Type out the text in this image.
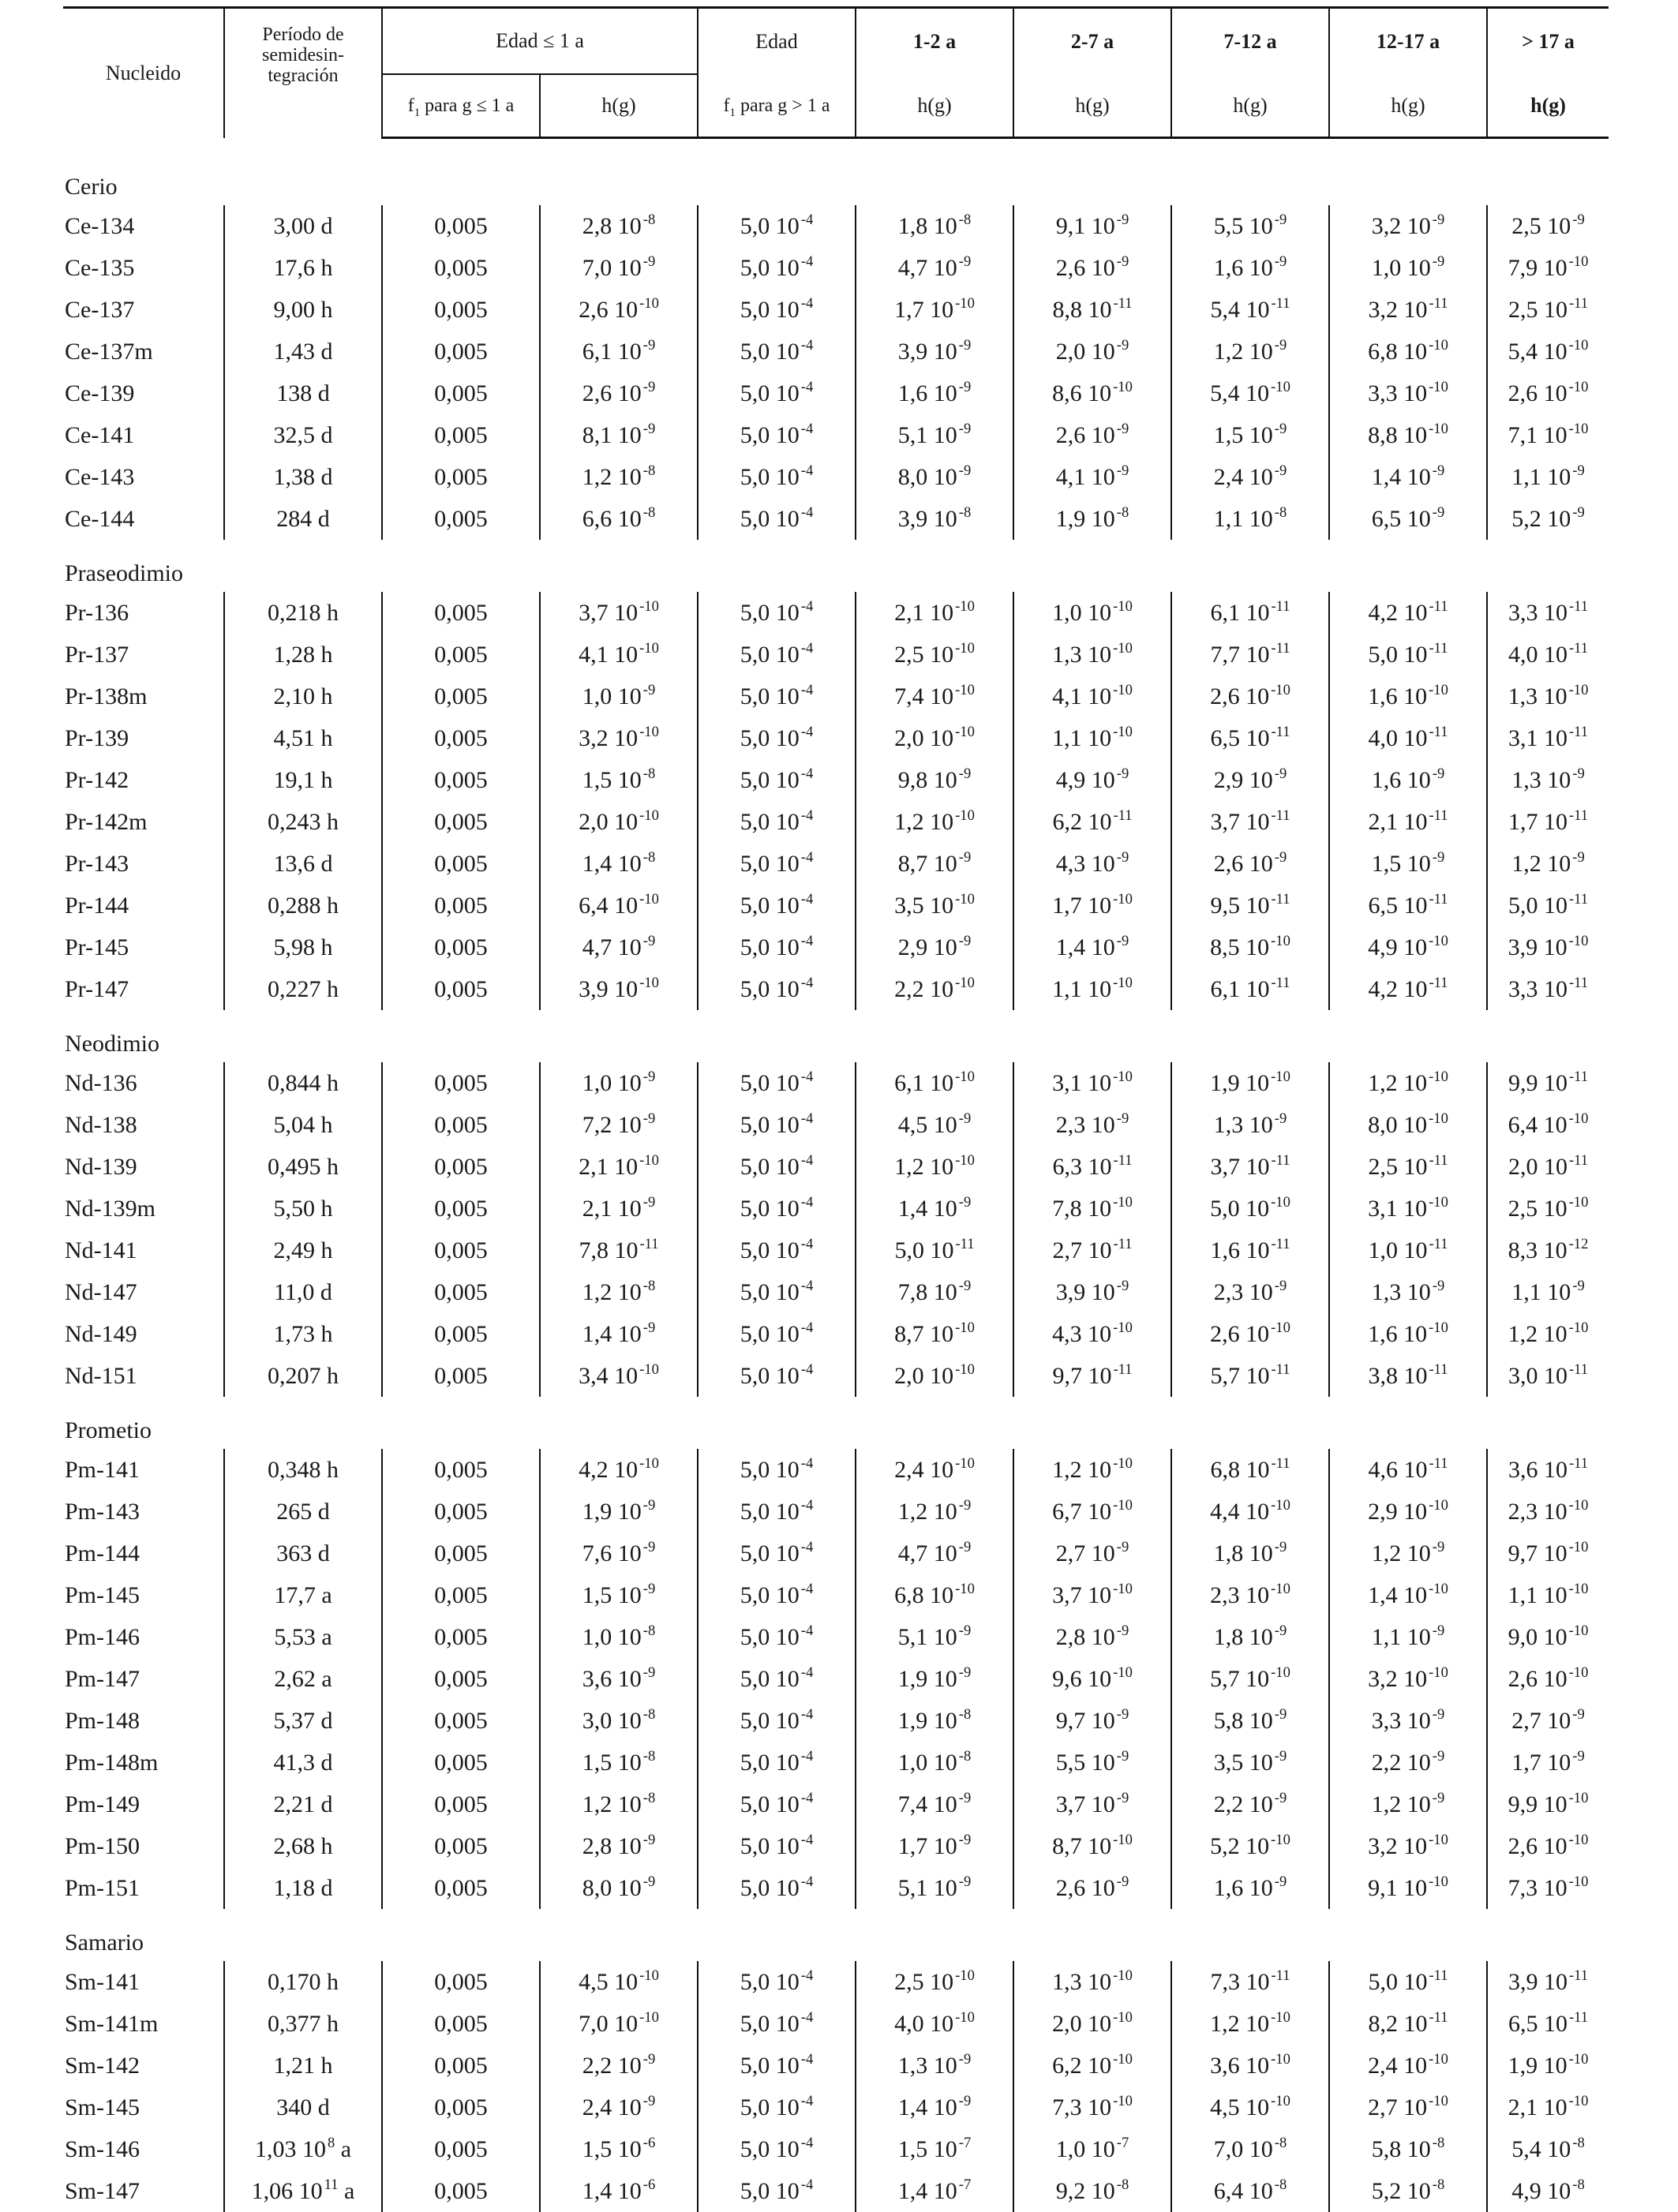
Nucleido	Período de semidesin- tegración	Edad ≤ 1 a		Edad	1-2 a	2-7 a	7-12 a	12-17 a	> 17 a
		$f_1$ para g ≤ 1 a	h(g)	$f_1$ para g > 1 a	h(g)	h(g)	h(g)	h(g)	h(g)
Cerio									
Ce-134	3,00 d	0,005	2,8 10 $^{-8}$	5,0 10 $^{-4}$	1,8 10 $^{-8}$	9,1 10 $^{-9}$	5,5 10 $^{-9}$	3,2 10 $^{-9}$	2,5 10 $^{-9}$
Ce-135	17,6 h	0,005	7,0 10 $^{-9}$	5,0 10 $^{-4}$	4,7 10 $^{-9}$	2,6 10 $^{-9}$	1,6 10 $^{-9}$	1,0 10 $^{-9}$	7,9 10 $^{-10}$
Ce-137	9,00 h	0,005	2,6 10 $^{-10}$	5,0 10 $^{-4}$	1,7 10 $^{-10}$	8,8 10 $^{-11}$	5,4 10 $^{-11}$	3,2 10 $^{-11}$	2,5 10 $^{-11}$
Ce-137m	1,43 d	0,005	6,1 10 $^{-9}$	5,0 10 $^{-4}$	3,9 10 $^{-9}$	2,0 10 $^{-9}$	1,2 10 $^{-9}$	6,8 10 $^{-10}$	5,4 10 $^{-10}$
Ce-139	138 d	0,005	2,6 10 $^{-9}$	5,0 10 $^{-4}$	1,6 10 $^{-9}$	8,6 10 $^{-10}$	5,4 10 $^{-10}$	3,3 10 $^{-10}$	2,6 10 $^{-10}$
Ce-141	32,5 d	0,005	8,1 10 $^{-9}$	5,0 10 $^{-4}$	5,1 10 $^{-9}$	2,6 10 $^{-9}$	1,5 10 $^{-9}$	8,8 10 $^{-10}$	7,1 10 $^{-10}$
Ce-143	1,38 d	0,005	1,2 10 $^{-8}$	5,0 10 $^{-4}$	8,0 10 $^{-9}$	4,1 10 $^{-9}$	2,4 10 $^{-9}$	1,4 10 $^{-9}$	1,1 10 $^{-9}$
Ce-144	284 d	0,005	6,6 10 $^{-8}$	5,0 10 $^{-4}$	3,9 10 $^{-8}$	1,9 10 $^{-8}$	1,1 10 $^{-8}$	6,5 10 $^{-9}$	5,2 10 $^{-9}$
Praseodimio									
Pr-136	0,218 h	0,005	3,7 10 $^{-10}$	5,0 10 $^{-4}$	2,1 10 $^{-10}$	1,0 10 $^{-10}$	6,1 10 $^{-11}$	4,2 10 $^{-11}$	3,3 10 $^{-11}$
Pr-137	1,28 h	0,005	4,1 10 $^{-10}$	5,0 10 $^{-4}$	2,5 10 $^{-10}$	1,3 10 $^{-10}$	7,7 10 $^{-11}$	5,0 10 $^{-11}$	4,0 10 $^{-11}$
Pr-138m	2,10 h	0,005	1,0 10 $^{-9}$	5,0 10 $^{-4}$	7,4 10 $^{-10}$	4,1 10 $^{-10}$	2,6 10 $^{-10}$	1,6 10 $^{-10}$	1,3 10 $^{-10}$
Pr-139	4,51 h	0,005	3,2 10 $^{-10}$	5,0 10 $^{-4}$	2,0 10 $^{-10}$	1,1 10 $^{-10}$	6,5 10 $^{-11}$	4,0 10 $^{-11}$	3,1 10 $^{-11}$
Pr-142	19,1 h	0,005	1,5 10 $^{-8}$	5,0 10 $^{-4}$	9,8 10 $^{-9}$	4,9 10 $^{-9}$	2,9 10 $^{-9}$	1,6 10 $^{-9}$	1,3 10 $^{-9}$
Pr-142m	0,243 h	0,005	2,0 10 $^{-10}$	5,0 10 $^{-4}$	1,2 10 $^{-10}$	6,2 10 $^{-11}$	3,7 10 $^{-11}$	2,1 10 $^{-11}$	1,7 10 $^{-11}$
Pr-143	13,6 d	0,005	1,4 10 $^{-8}$	5,0 10 $^{-4}$	8,7 10 $^{-9}$	4,3 10 $^{-9}$	2,6 10 $^{-9}$	1,5 10 $^{-9}$	1,2 10 $^{-9}$
Pr-144	0,288 h	0,005	6,4 10 $^{-10}$	5,0 10 $^{-4}$	3,5 10 $^{-10}$	1,7 10 $^{-10}$	9,5 10 $^{-11}$	6,5 10 $^{-11}$	5,0 10 $^{-11}$
Pr-145	5,98 h	0,005	4,7 10 $^{-9}$	5,0 10 $^{-4}$	2,9 10 $^{-9}$	1,4 10 $^{-9}$	8,5 10 $^{-10}$	4,9 10 $^{-10}$	3,9 10 $^{-10}$
Pr-147	0,227 h	0,005	3,9 10 $^{-10}$	5,0 10 $^{-4}$	2,2 10 $^{-10}$	1,1 10 $^{-10}$	6,1 10 $^{-11}$	4,2 10 $^{-11}$	3,3 10 $^{-11}$
Neodimio									
Nd-136	0,844 h	0,005	1,0 10 $^{-9}$	5,0 10 $^{-4}$	6,1 10 $^{-10}$	3,1 10 $^{-10}$	1,9 10 $^{-10}$	1,2 10 $^{-10}$	9,9 10 $^{-11}$
Nd-138	5,04 h	0,005	7,2 10 $^{-9}$	5,0 10 $^{-4}$	4,5 10 $^{-9}$	2,3 10 $^{-9}$	1,3 10 $^{-9}$	8,0 10 $^{-10}$	6,4 10 $^{-10}$
Nd-139	0,495 h	0,005	2,1 10 $^{-10}$	5,0 10 $^{-4}$	1,2 10 $^{-10}$	6,3 10 $^{-11}$	3,7 10 $^{-11}$	2,5 10 $^{-11}$	2,0 10 $^{-11}$
Nd-139m	5,50 h	0,005	2,1 10 $^{-9}$	5,0 10 $^{-4}$	1,4 10 $^{-9}$	7,8 10 $^{-10}$	5,0 10 $^{-10}$	3,1 10 $^{-10}$	2,5 10 $^{-10}$
Nd-141	2,49 h	0,005	7,8 10 $^{-11}$	5,0 10 $^{-4}$	5,0 10 $^{-11}$	2,7 10 $^{-11}$	1,6 10 $^{-11}$	1,0 10 $^{-11}$	8,3 10 $^{-12}$
Nd-147	11,0 d	0,005	1,2 10 $^{-8}$	5,0 10 $^{-4}$	7,8 10 $^{-9}$	3,9 10 $^{-9}$	2,3 10 $^{-9}$	1,3 10 $^{-9}$	1,1 10 $^{-9}$
Nd-149	1,73 h	0,005	1,4 10 $^{-9}$	5,0 10 $^{-4}$	8,7 10 $^{-10}$	4,3 10 $^{-10}$	2,6 10 $^{-10}$	1,6 10 $^{-10}$	1,2 10 $^{-10}$
Nd-151	0,207 h	0,005	3,4 10 $^{-10}$	5,0 10 $^{-4}$	2,0 10 $^{-10}$	9,7 10 $^{-11}$	5,7 10 $^{-11}$	3,8 10 $^{-11}$	3,0 10 $^{-11}$
Prometio									
Pm-141	0,348 h	0,005	4,2 10 $^{-10}$	5,0 10 $^{-4}$	2,4 10 $^{-10}$	1,2 10 $^{-10}$	6,8 10 $^{-11}$	4,6 10 $^{-11}$	3,6 10 $^{-11}$
Pm-143	265 d	0,005	1,9 10 $^{-9}$	5,0 10 $^{-4}$	1,2 10 $^{-9}$	6,7 10 $^{-10}$	4,4 10 $^{-10}$	2,9 10 $^{-10}$	2,3 10 $^{-10}$
Pm-144	363 d	0,005	7,6 10 $^{-9}$	5,0 10 $^{-4}$	4,7 10 $^{-9}$	2,7 10 $^{-9}$	1,8 10 $^{-9}$	1,2 10 $^{-9}$	9,7 10 $^{-10}$
Pm-145	17,7 a	0,005	1,5 10 $^{-9}$	5,0 10 $^{-4}$	6,8 10 $^{-10}$	3,7 10 $^{-10}$	2,3 10 $^{-10}$	1,4 10 $^{-10}$	1,1 10 $^{-10}$
Pm-146	5,53 a	0,005	1,0 10 $^{-8}$	5,0 10 $^{-4}$	5,1 10 $^{-9}$	2,8 10 $^{-9}$	1,8 10 $^{-9}$	1,1 10 $^{-9}$	9,0 10 $^{-10}$
Pm-147	2,62 a	0,005	3,6 10 $^{-9}$	5,0 10 $^{-4}$	1,9 10 $^{-9}$	9,6 10 $^{-10}$	5,7 10 $^{-10}$	3,2 10 $^{-10}$	2,6 10 $^{-10}$
Pm-148	5,37 d	0,005	3,0 10 $^{-8}$	5,0 10 $^{-4}$	1,9 10 $^{-8}$	9,7 10 $^{-9}$	5,8 10 $^{-9}$	3,3 10 $^{-9}$	2,7 10 $^{-9}$
Pm-148m	41,3 d	0,005	1,5 10 $^{-8}$	5,0 10 $^{-4}$	1,0 10 $^{-8}$	5,5 10 $^{-9}$	3,5 10 $^{-9}$	2,2 10 $^{-9}$	1,7 10 $^{-9}$
Pm-149	2,21 d	0,005	1,2 10 $^{-8}$	5,0 10 $^{-4}$	7,4 10 $^{-9}$	3,7 10 $^{-9}$	2,2 10 $^{-9}$	1,2 10 $^{-9}$	9,9 10 $^{-10}$
Pm-150	2,68 h	0,005	2,8 10 $^{-9}$	5,0 10 $^{-4}$	1,7 10 $^{-9}$	8,7 10 $^{-10}$	5,2 10 $^{-10}$	3,2 10 $^{-10}$	2,6 10 $^{-10}$
Pm-151	1,18 d	0,005	8,0 10 $^{-9}$	5,0 10 $^{-4}$	5,1 10 $^{-9}$	2,6 10 $^{-9}$	1,6 10 $^{-9}$	9,1 10 $^{-10}$	7,3 10 $^{-10}$
Samario									
Sm-141	0,170 h	0,005	4,5 10 $^{-10}$	5,0 10 $^{-4}$	2,5 10 $^{-10}$	1,3 10 $^{-10}$	7,3 10 $^{-11}$	5,0 10 $^{-11}$	3,9 10 $^{-11}$
Sm-141m	0,377 h	0,005	7,0 10 $^{-10}$	5,0 10 $^{-4}$	4,0 10 $^{-10}$	2,0 10 $^{-10}$	1,2 10 $^{-10}$	8,2 10 $^{-11}$	6,5 10 $^{-11}$
Sm-142	1,21 h	0,005	2,2 10 $^{-9}$	5,0 10 $^{-4}$	1,3 10 $^{-9}$	6,2 10 $^{-10}$	3,6 10 $^{-10}$	2,4 10 $^{-10}$	1,9 10 $^{-10}$
Sm-145	340 d	0,005	2,4 10 $^{-9}$	5,0 10 $^{-4}$	1,4 10 $^{-9}$	7,3 10 $^{-10}$	4,5 10 $^{-10}$	2,7 10 $^{-10}$	2,1 10 $^{-10}$
Sm-146	1,03 10 $^8$ a	0,005	1,5 10 $^{-6}$	5,0 10 $^{-4}$	1,5 10 $^{-7}$	1,0 10 $^{-7}$	7,0 10 $^{-8}$	5,8 10 $^{-8}$	5,4 10 $^{-8}$
Sm-147	1,06 10 $^{11}$ a	0,005	1,4 10 $^{-6}$	5,0 10 $^{-4}$	1,4 10 $^{-7}$	9,2 10 $^{-8}$	6,4 10 $^{-8}$	5,2 10 $^{-8}$	4,9 10 $^{-8}$
